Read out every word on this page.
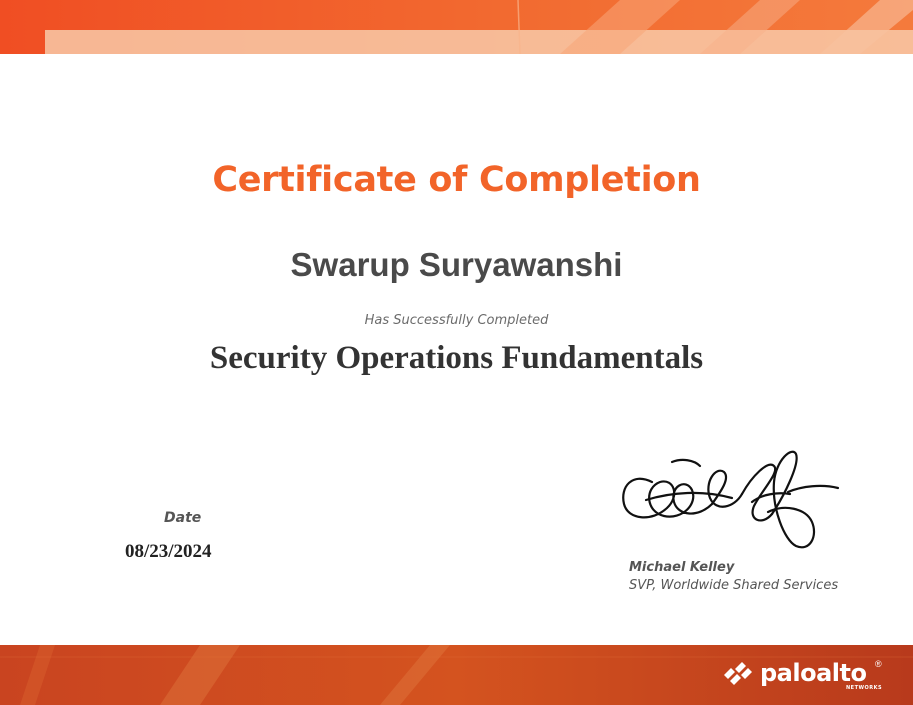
Certificate of Completion
Swarup Suryawanshi
Has Successfully Completed
Security Operations Fundamentals
Date
08/23/2024
Michael Kelley
SVP, Worldwide Shared Services
paloalto ®
NETWORKS
